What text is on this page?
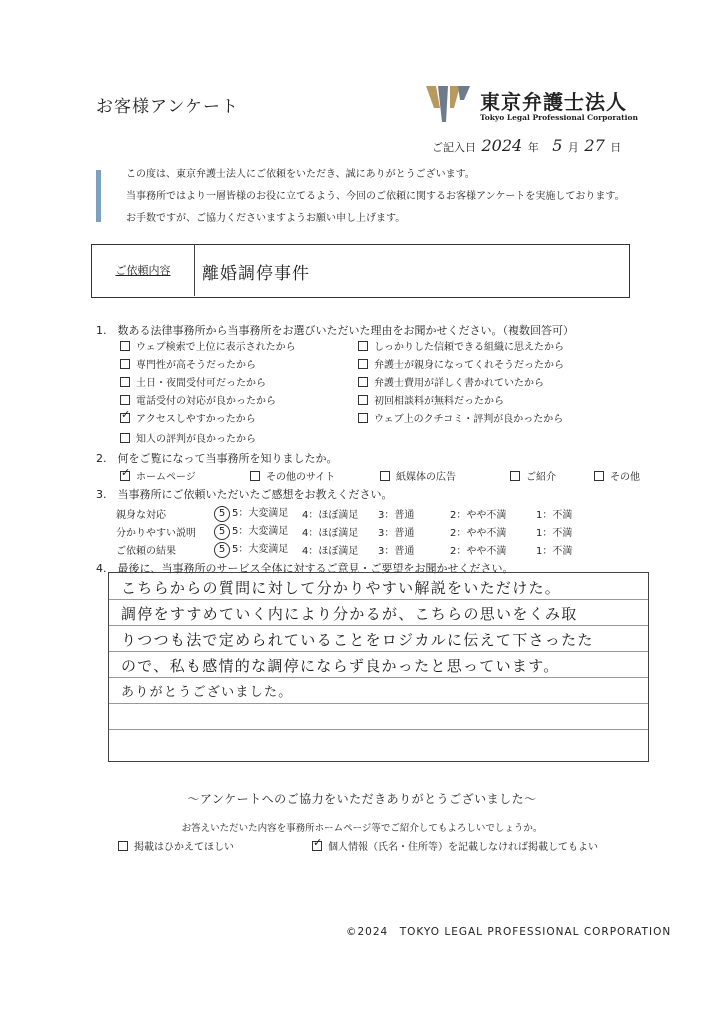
お客様アンケート	東京弁護士法人
Tokyo Legal Professional Corporation
ご記入日 2024 年 5 月 27 日
この度は、東京弁護士法人にご依頼をいただき、誠にありがとうございます。
当事務所ではより一層皆様のお役に立てるよう、今回のご依頼に関するお客様アンケートを実施しております。
お手数ですが、ご協力くださいますようお願い申し上げます。
ご依頼内容	離婚調停事件
1.　数ある法律事務所から当事務所をお選びいただいた理由をお聞かせください。（複数回答可）
ウェブ検索で上位に表示されたから
専門性が高そうだったから
土日・夜間受付可だったから
電話受付の対応が良かったから
✓
アクセスしやすかったから
知人の評判が良かったから
しっかりした信頼できる組織に思えたから
弁護士が親身になってくれそうだったから
弁護士費用が詳しく書かれていたから
初回相談料が無料だったから
ウェブ上のクチコミ・評判が良かったから
2.　何をご覧になって当事務所を知りましたか。
✓
ホームページ	その他のサイト	紙媒体の広告	ご紹介	その他
3.　当事務所にご依頼いただいたご感想をお教えください。
親身な対応	5 5：大変満足 4：ほぼ満足 3：普通	2：やや不満	1：不満
分かりやすい説明	5 5：大変満足 4：ほぼ満足 3：普通	2：やや不満	1：不満
ご依頼の結果	5 5：大変満足 4：ほぼ満足 3：普通	2：やや不満	1：不満
4.　最後に、当事務所のサービス全体に対するご意見・ご要望をお聞かせください。
こちらからの質問に対して分かりやすい解説をいただけた。
調停をすすめていく内により分かるが、こちらの思いをくみ取
りつつも法で定められていることをロジカルに伝えて下さったた
ので、私も感情的な調停にならず良かったと思っています。
ありがとうございました。
〜アンケートへのご協力をいただきありがとうございました〜
お答えいただいた内容を事務所ホームページ等でご紹介してもよろしいでしょうか。
掲載はひかえてほしい
✓	個人情報（氏名・住所等）を記載しなければ掲載してもよい
©2024　TOKYO LEGAL PROFESSIONAL CORPORATION
